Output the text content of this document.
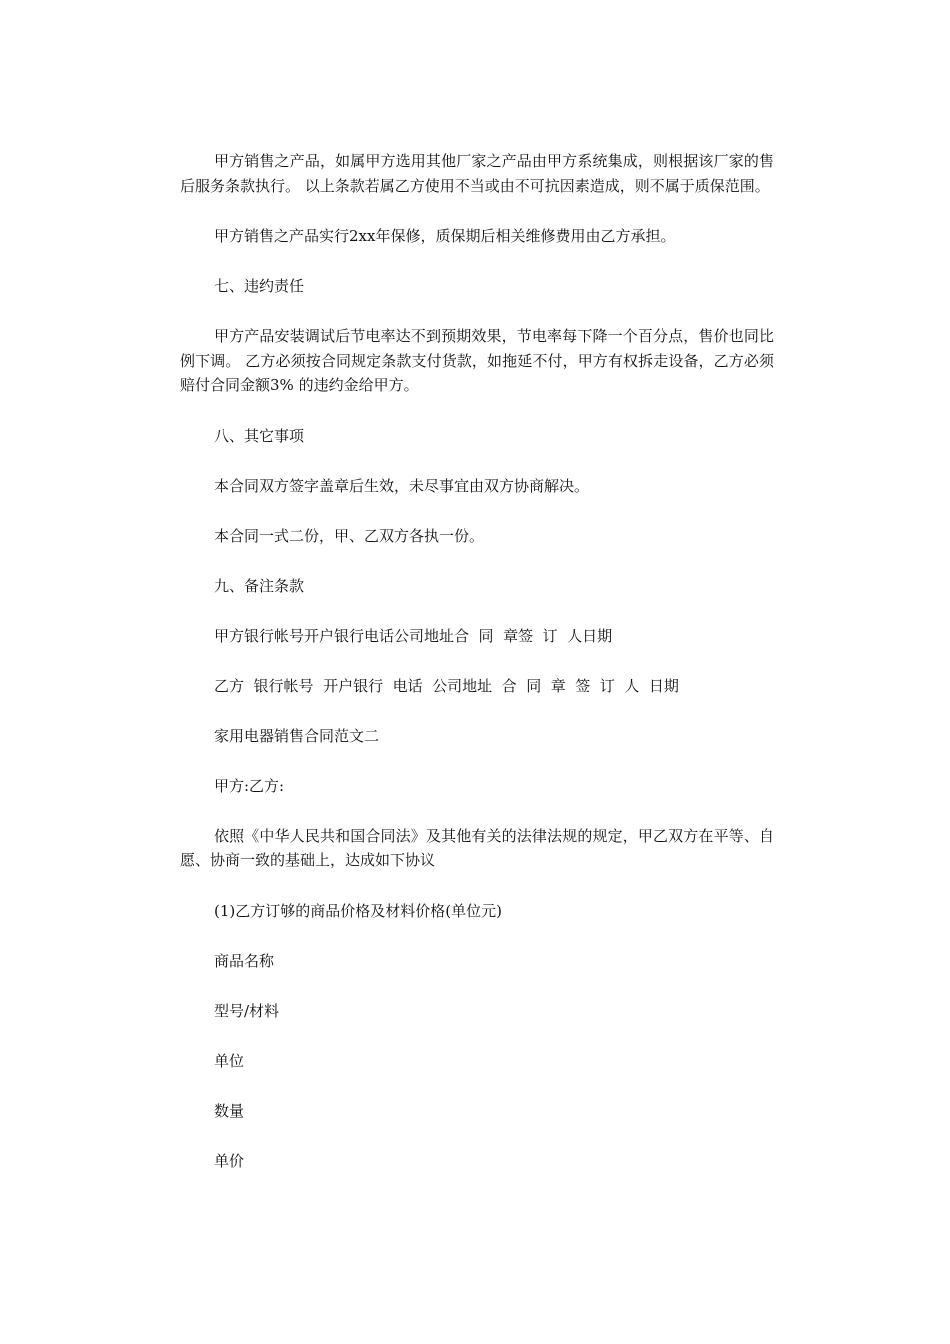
甲方销售之产品，如属甲方选用其他厂家之产品由甲方系统集成，则根据该厂家的售后服务条款执行。 以上条款若属乙方使用不当或由不可抗因素造成，则不属于质保范围。

甲方销售之产品实行2xx年保修，质保期后相关维修费用由乙方承担。

七、违约责任

甲方产品安装调试后节电率达不到预期效果，节电率每下降一个百分点，售价也同比例下调。 乙方必须按合同规定条款支付货款，如拖延不付，甲方有权拆走设备，乙方必须赔付合同金额3% 的违约金给甲方。

八、其它事项

本合同双方签字盖章后生效，未尽事宜由双方协商解决。

本合同一式二份，甲、乙双方各执一份。

九、备注条款

甲方银行帐号开户银行电话公司地址合  同  章签  订  人日期

乙方  银行帐号  开户银行  电话  公司地址  合  同  章  签  订  人  日期

家用电器销售合同范文二

甲方:乙方:

依照《中华人民共和国合同法》及其他有关的法律法规的规定，甲乙双方在平等、自愿、协商一致的基础上，达成如下协议

(1)乙方订够的商品价格及材料价格(单位元)

商品名称

型号/材料

单位

数量

单价
